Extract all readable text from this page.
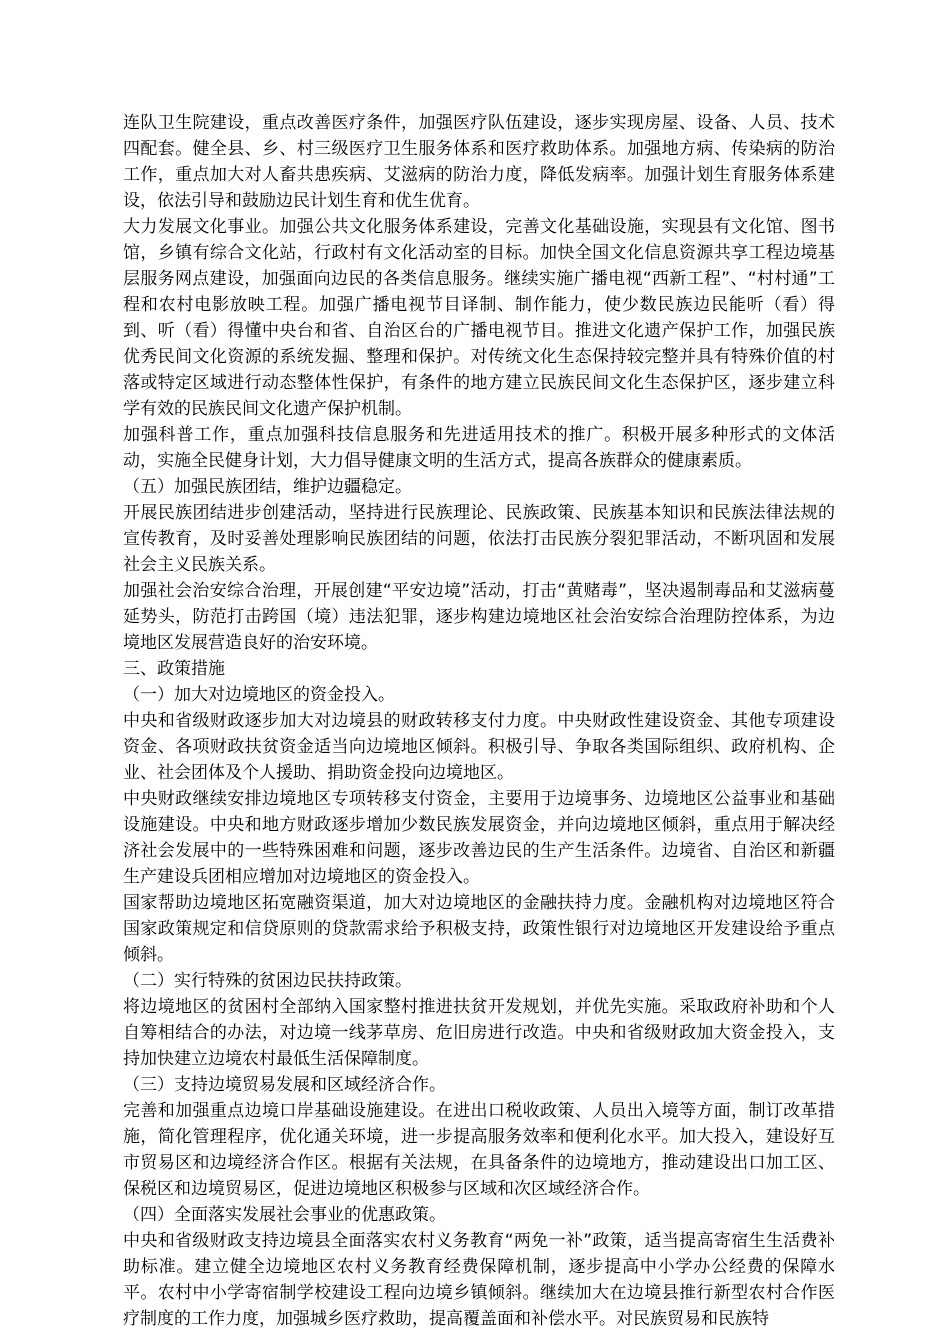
连队卫生院建设，重点改善医疗条件，加强医疗队伍建设，逐步实现房屋、设备、人员、技术四配套。健全县、乡、村三级医疗卫生服务体系和医疗救助体系。加强地方病、传染病的防治工作，重点加大对人畜共患疾病、艾滋病的防治力度，降低发病率。加强计划生育服务体系建设，依法引导和鼓励边民计划生育和优生优育。

大力发展文化事业。加强公共文化服务体系建设，完善文化基础设施，实现县有文化馆、图书馆，乡镇有综合文化站，行政村有文化活动室的目标。加快全国文化信息资源共享工程边境基层服务网点建设，加强面向边民的各类信息服务。继续实施广播电视“西新工程”、“村村通”工程和农村电影放映工程。加强广播电视节目译制、制作能力，使少数民族边民能听（看）得到、听（看）得懂中央台和省、自治区台的广播电视节目。推进文化遗产保护工作，加强民族优秀民间文化资源的系统发掘、整理和保护。对传统文化生态保持较完整并具有特殊价值的村落或特定区域进行动态整体性保护，有条件的地方建立民族民间文化生态保护区，逐步建立科学有效的民族民间文化遗产保护机制。

加强科普工作，重点加强科技信息服务和先进适用技术的推广。积极开展多种形式的文体活动，实施全民健身计划，大力倡导健康文明的生活方式，提高各族群众的健康素质。

（五）加强民族团结，维护边疆稳定。

开展民族团结进步创建活动，坚持进行民族理论、民族政策、民族基本知识和民族法律法规的宣传教育，及时妥善处理影响民族团结的问题，依法打击民族分裂犯罪活动，不断巩固和发展社会主义民族关系。

加强社会治安综合治理，开展创建“平安边境”活动，打击“黄赌毒”，坚决遏制毒品和艾滋病蔓延势头，防范打击跨国（境）违法犯罪，逐步构建边境地区社会治安综合治理防控体系，为边境地区发展营造良好的治安环境。

三、政策措施

（一）加大对边境地区的资金投入。

中央和省级财政逐步加大对边境县的财政转移支付力度。中央财政性建设资金、其他专项建设资金、各项财政扶贫资金适当向边境地区倾斜。积极引导、争取各类国际组织、政府机构、企业、社会团体及个人援助、捐助资金投向边境地区。

中央财政继续安排边境地区专项转移支付资金，主要用于边境事务、边境地区公益事业和基础设施建设。中央和地方财政逐步增加少数民族发展资金，并向边境地区倾斜，重点用于解决经济社会发展中的一些特殊困难和问题，逐步改善边民的生产生活条件。边境省、自治区和新疆生产建设兵团相应增加对边境地区的资金投入。

国家帮助边境地区拓宽融资渠道，加大对边境地区的金融扶持力度。金融机构对边境地区符合国家政策规定和信贷原则的贷款需求给予积极支持，政策性银行对边境地区开发建设给予重点倾斜。

（二）实行特殊的贫困边民扶持政策。

将边境地区的贫困村全部纳入国家整村推进扶贫开发规划，并优先实施。采取政府补助和个人自筹相结合的办法，对边境一线茅草房、危旧房进行改造。中央和省级财政加大资金投入，支持加快建立边境农村最低生活保障制度。

（三）支持边境贸易发展和区域经济合作。

完善和加强重点边境口岸基础设施建设。在进出口税收政策、人员出入境等方面，制订改革措施，简化管理程序，优化通关环境，进一步提高服务效率和便利化水平。加大投入，建设好互市贸易区和边境经济合作区。根据有关法规，在具备条件的边境地方，推动建设出口加工区、保税区和边境贸易区，促进边境地区积极参与区域和次区域经济合作。

（四）全面落实发展社会事业的优惠政策。

中央和省级财政支持边境县全面落实农村义务教育“两免一补”政策，适当提高寄宿生生活费补助标准。建立健全边境地区农村义务教育经费保障机制，逐步提高中小学办公经费的保障水平。农村中小学寄宿制学校建设工程向边境乡镇倾斜。继续加大在边境县推行新型农村合作医疗制度的工作力度，加强城乡医疗救助，提高覆盖面和补偿水平。对民族贸易和民族特
